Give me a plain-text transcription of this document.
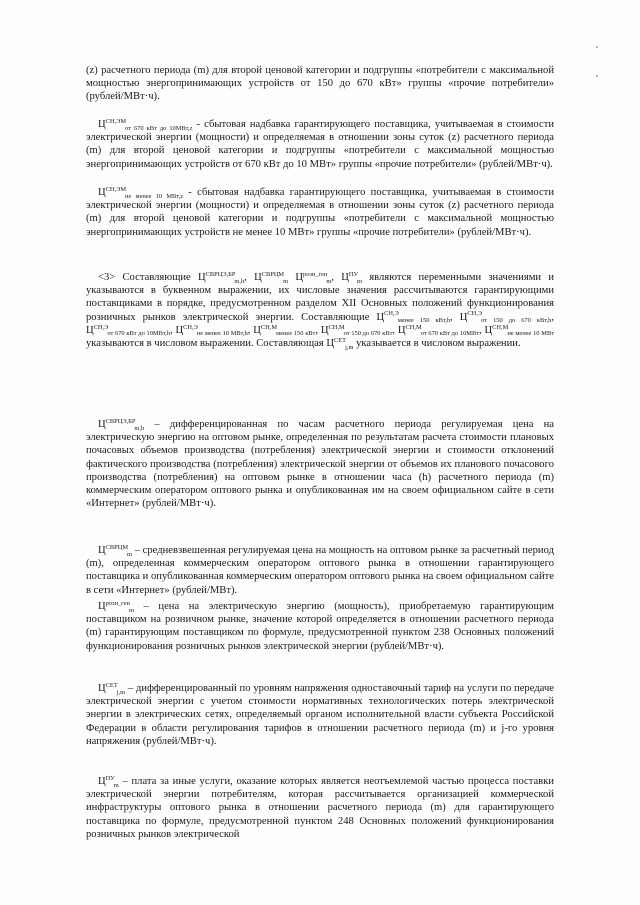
(z) расчетного периода (m) для второй ценовой категории и подгруппы «потребители с максимальной мощностью энергопринимающих устройств от 150 до 670 кВт» группы «прочие потребители» (рублей/МВт·ч).

$Ц^{СН,ЭМ}_{от 670 кВт до 10МВт,z}$ - сбытовая надбавка гарантирующего поставщика, учитываемая в стоимости электрической энергии (мощности) и определяемая в отношении зоны суток (z) расчетного периода (m) для второй ценовой категории и подгруппы «потребители с максимальной мощностью энергопринимающих устройств от 670 кВт до 10 МВт» группы «прочие потребители» (рублей/МВт·ч).

$Ц^{СН,ЭМ}_{не менее 10 МВт,z}$ - сбытовая надбавка гарантирующего поставщика, учитываемая в стоимости электрической энергии (мощности) и определяемая в отношении зоны суток (z) расчетного периода (m) для второй ценовой категории и подгруппы «потребители с максимальной мощностью энергопринимающих устройств не менее 10 МВт» группы «прочие потребители» (рублей/МВт·ч).

<3> Составляющие $Ц^{СВРЦЭ,БР}_{m,h}$, $Ц^{СВРЦМ}_m$ $Ц^{розн\_ген}_m$, $Ц^{ПУ}_m$ являются переменными значениями и указываются в буквенном выражении, их числовые значения рассчитываются гарантирующими поставщиками в порядке, предусмотренном разделом XII Основных положений функционирования розничных рынков электрической энергии. Составляющие $Ц^{СН,Э}_{менее 150 кВт,h}$, $Ц^{СН,Э}_{от 150 до 670 кВт,h}$, $Ц^{СН,Э}_{от 670 кВт до 10МВт,h}$, $Ц^{СН,Э}_{не менее 10 МВт,h}$, $Ц^{СН,М}_{менее 150 кВт}$, $Ц^{СН,М}_{от 150 до 670 кВт}$, $Ц^{СН,М}_{от 670 кВт до 10МВт}$, $Ц^{СН,М}_{не менее 10 МВт}$ указываются в числовом выражении. Составляющая $Ц^{СЕТ}_{j,m}$ указывается в числовом выражении.

$Ц^{СВРЦЭ,БР}_{m,h}$ – дифференцированная по часам расчетного периода регулируемая цена на электрическую энергию на оптовом рынке, определенная по результатам расчета стоимости плановых почасовых объемов производства (потребления) электрической энергии и стоимости отклонений фактического производства (потребления) электрической энергии от объемов их планового почасового производства (потребления) на оптовом рынке в отношении часа (h) расчетного периода (m) коммерческим оператором оптового рынка и опубликованная им на своем официальном сайте в сети «Интернет» (рублей/МВт·ч).

$Ц^{СВРЦМ}_m$ – средневзвешенная регулируемая цена на мощность на оптовом рынке за расчетный период (m), определенная коммерческим оператором оптового рынка в отношении гарантирующего поставщика и опубликованная коммерческим оператором оптового рынка на своем официальном сайте в сети «Интернет» (рублей/МВт).

$Ц^{розн\_ген}_m$ – цена на электрическую энергию (мощность), приобретаемую гарантирующим поставщиком на розничном рынке, значение которой определяется в отношении расчетного периода (m) гарантирующим поставщиком по формуле, предусмотренной пунктом 238 Основных положений функционирования розничных рынков электрической энергии (рублей/МВт·ч).

$Ц^{СЕТ}_{j,m}$ – дифференцированный по уровням напряжения одноставочный тариф на услуги по передаче электрической энергии с учетом стоимости нормативных технологических потерь электрической энергии в электрических сетях, определяемый органом исполнительной власти субъекта Российской Федерации в области регулирования тарифов в отношении расчетного периода (m) и j-го уровня напряжения (рублей/МВт·ч).

$Ц^{ПУ}_m$ – плата за иные услуги, оказание которых является неотъемлемой частью процесса поставки электрической энергии потребителям, которая рассчитывается организацией коммерческой инфраструктуры оптового рынка в отношении расчетного периода (m) для гарантирующего поставщика по формуле, предусмотренной пунктом 248 Основных положений функционирования розничных рынков электрической
